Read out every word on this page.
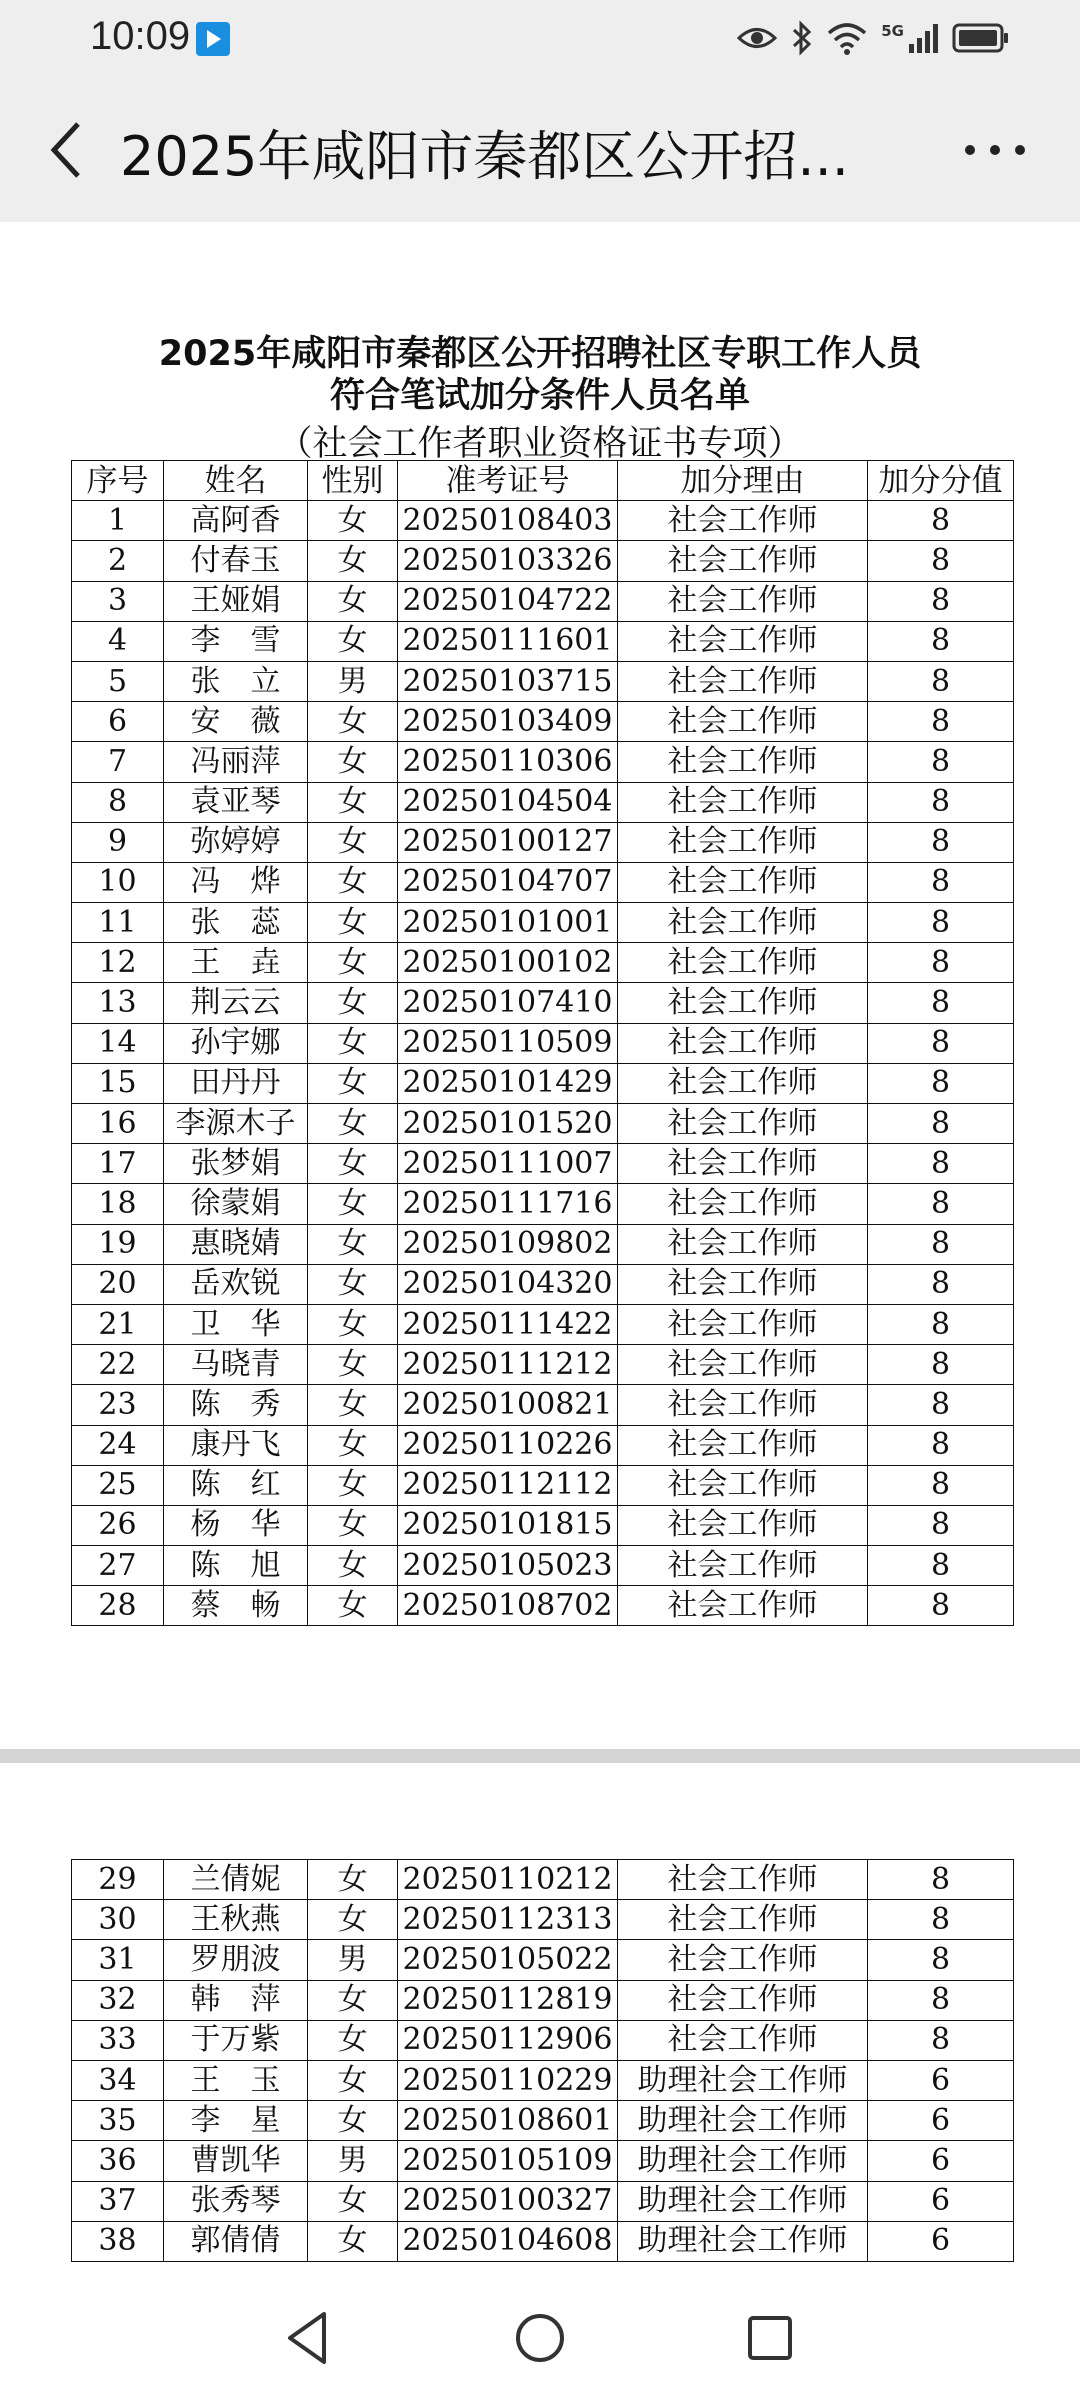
10:09	5G
2025年咸阳市秦都区公开招...
2025年咸阳市秦都区公开招聘社区专职工作人员
符合笔试加分条件人员名单
（社会工作者职业资格证书专项）
序号	姓名	性别	准考证号	加分理由	加分分值
1	高阿香	女	20250108403	社会工作师	8
2	付春玉	女	20250103326	社会工作师	8
3	王娅娟	女	20250104722	社会工作师	8
4	李　雪	女	20250111601	社会工作师	8
5	张　立	男	20250103715	社会工作师	8
6	安　薇	女	20250103409	社会工作师	8
7	冯丽萍	女	20250110306	社会工作师	8
8	袁亚琴	女	20250104504	社会工作师	8
9	弥婷婷	女	20250100127	社会工作师	8
10	冯　烨	女	20250104707	社会工作师	8
11	张　蕊	女	20250101001	社会工作师	8
12	王　垚	女	20250100102	社会工作师	8
13	荆云云	女	20250107410	社会工作师	8
14	孙宇娜	女	20250110509	社会工作师	8
15	田丹丹	女	20250101429	社会工作师	8
16	李源木子	女	20250101520	社会工作师	8
17	张梦娟	女	20250111007	社会工作师	8
18	徐蒙娟	女	20250111716	社会工作师	8
19	惠晓婧	女	20250109802	社会工作师	8
20	岳欢锐	女	20250104320	社会工作师	8
21	卫　华	女	20250111422	社会工作师	8
22	马晓青	女	20250111212	社会工作师	8
23	陈　秀	女	20250100821	社会工作师	8
24	康丹飞	女	20250110226	社会工作师	8
25	陈　红	女	20250112112	社会工作师	8
26	杨　华	女	20250101815	社会工作师	8
27	陈　旭	女	20250105023	社会工作师	8
28	蔡　畅	女	20250108702	社会工作师	8
29	兰倩妮	女	20250110212	社会工作师	8
30	王秋燕	女	20250112313	社会工作师	8
31	罗朋波	男	20250105022	社会工作师	8
32	韩　萍	女	20250112819	社会工作师	8
33	于万紫	女	20250112906	社会工作师	8
34	王　玉	女	20250110229	助理社会工作师	6
35	李　星	女	20250108601	助理社会工作师	6
36	曹凯华	男	20250105109	助理社会工作师	6
37	张秀琴	女	20250100327	助理社会工作师	6
38	郭倩倩	女	20250104608	助理社会工作师	6
